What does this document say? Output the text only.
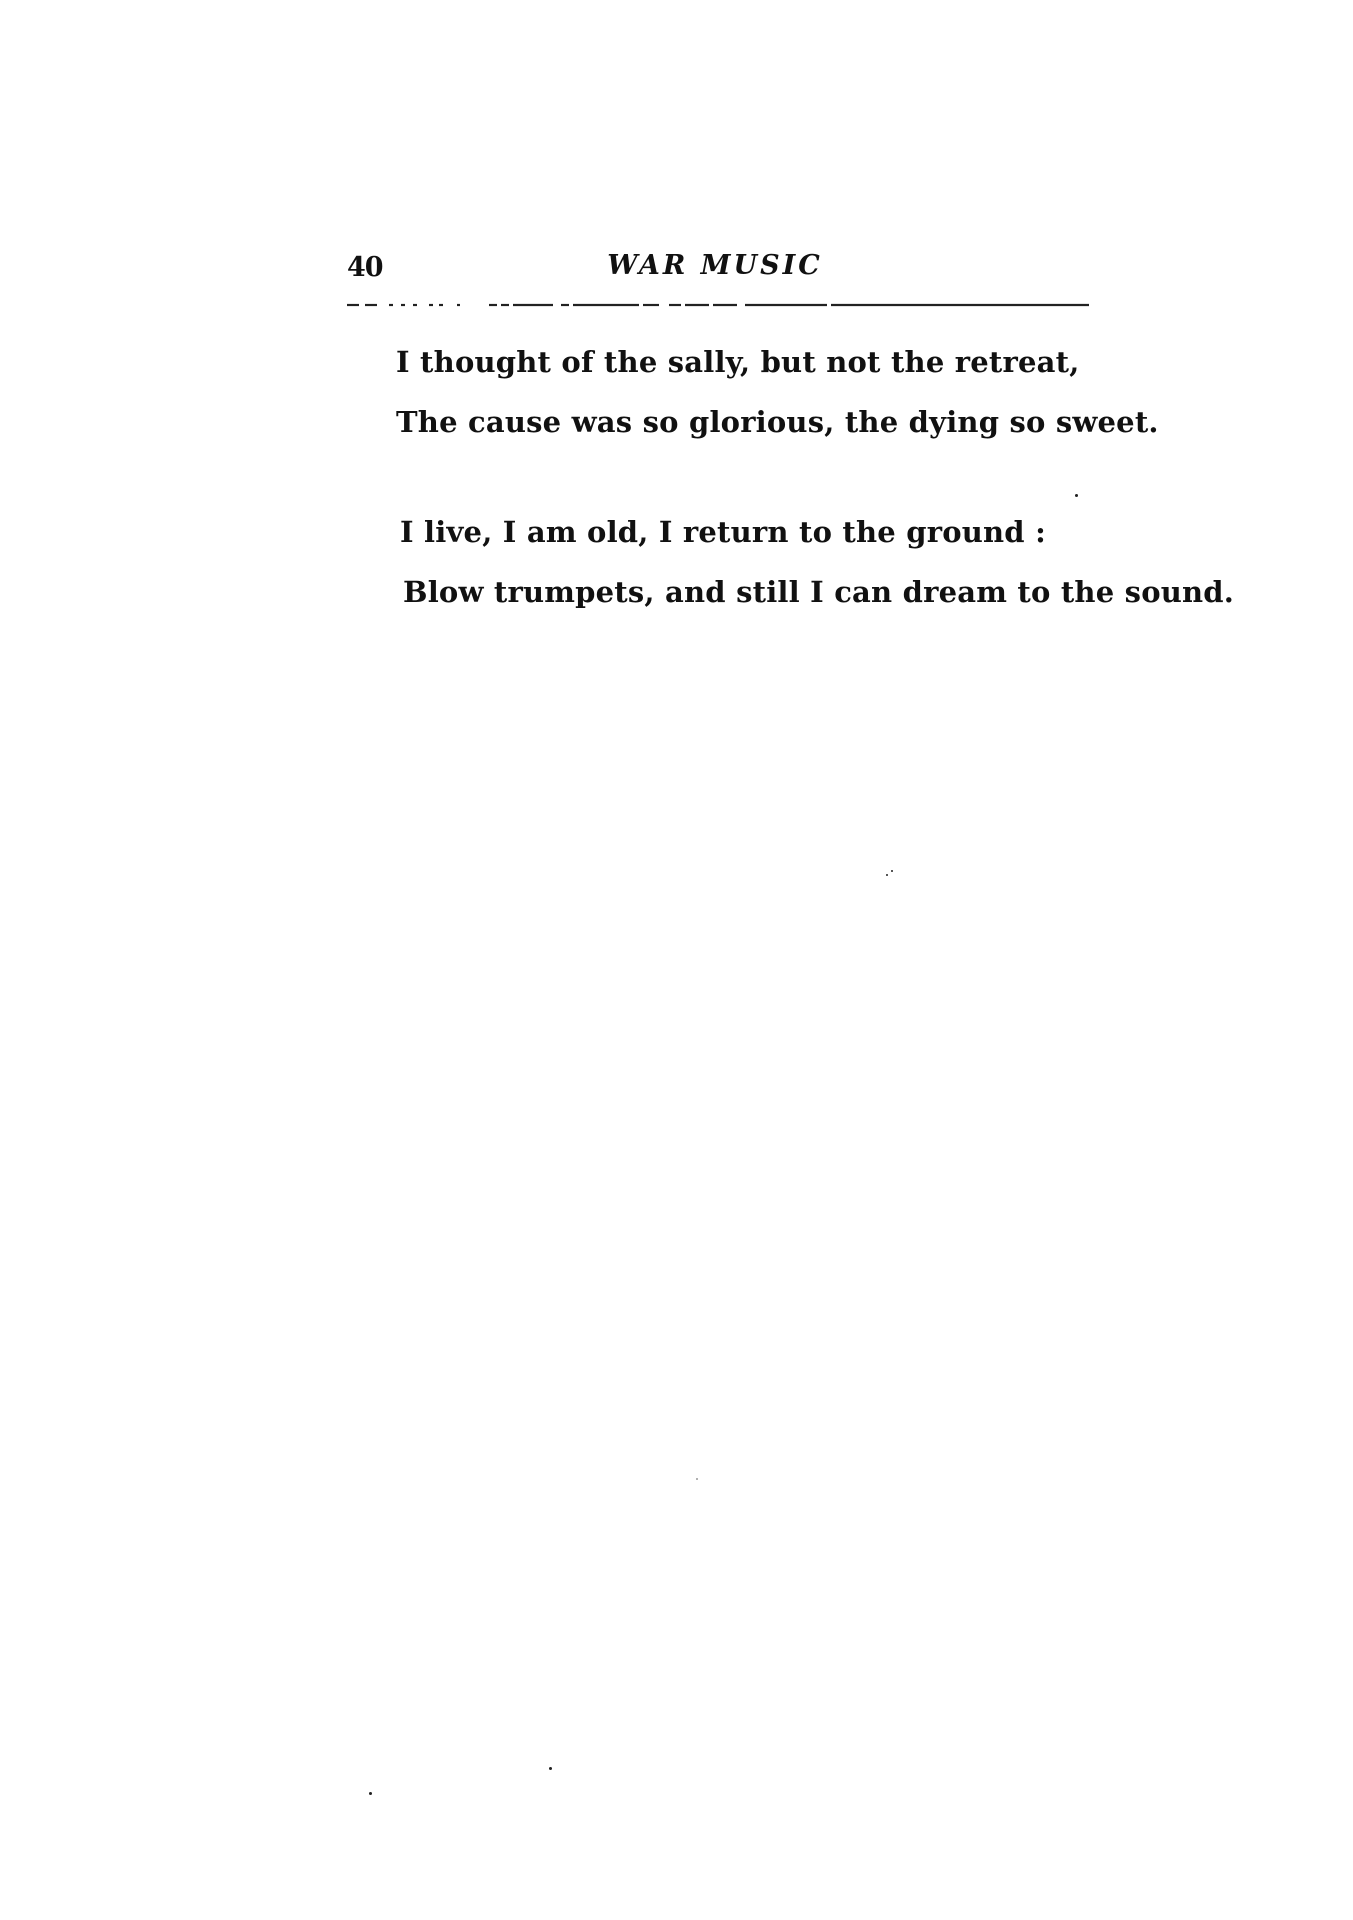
40	WAR MUSIC
I thought of the sally, but not the retreat,
The cause was so glorious, the dying so sweet.
I live, I am old, I return to the ground :
Blow trumpets, and still I can dream to the sound.
